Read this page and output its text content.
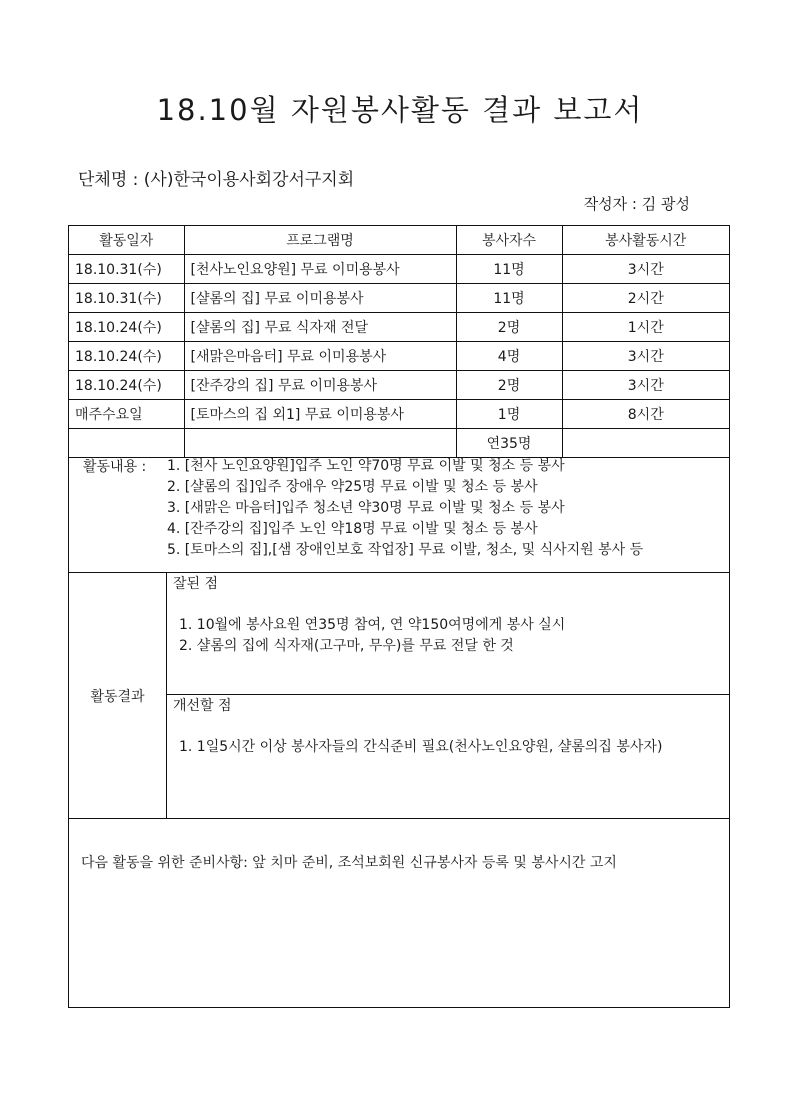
18.10월 자원봉사활동 결과 보고서
단체명 : (사)한국이용사회강서구지회
작성자 : 김 광성
활동일자	프로그램명	봉사자수	봉사활동시간
18.10.31(수)	[천사노인요양원] 무료 이미용봉사	11명	3시간
18.10.31(수)	[샬롬의 집] 무료 이미용봉사	11명	2시간
18.10.24(수)	[샬롬의 집] 무료 식자재 전달	2명	1시간
18.10.24(수)	[새맑은마음터] 무료 이미용봉사	4명	3시간
18.10.24(수)	[잔주강의 집] 무료 이미용봉사	2명	3시간
매주수요일	[토마스의 집 외1] 무료 이미용봉사	1명	8시간
		연35명	
활동내용 : 1. [천사 노인요양원]입주 노인 약70명 무료 이발 및 청소 등 봉사
2. [샬롬의 집]입주 장애우 약25명 무료 이발 및 청소 등 봉사
3. [새맑은 마음터]입주 청소년 약30명 무료 이발 및 청소 등 봉사
4. [잔주강의 집]입주 노인 약18명 무료 이발 및 청소 등 봉사
5. [토마스의 집],[샘 장애인보호 작업장] 무료 이발, 청소, 및 식사지원 봉사 등
활동결과
잘된 점
1. 10월에 봉사요원 연35명 참여, 연 약150여명에게 봉사 실시
2. 샬롬의 집에 식자재(고구마, 무우)를 무료 전달 한 것
개선할 점
1. 1일5시간 이상 봉사자들의 간식준비 필요(천사노인요양원, 샬롬의집 봉사자)
다음 활동을 위한 준비사항: 앞 치마 준비, 조석보회원 신규봉사자 등록 및 봉사시간 고지
